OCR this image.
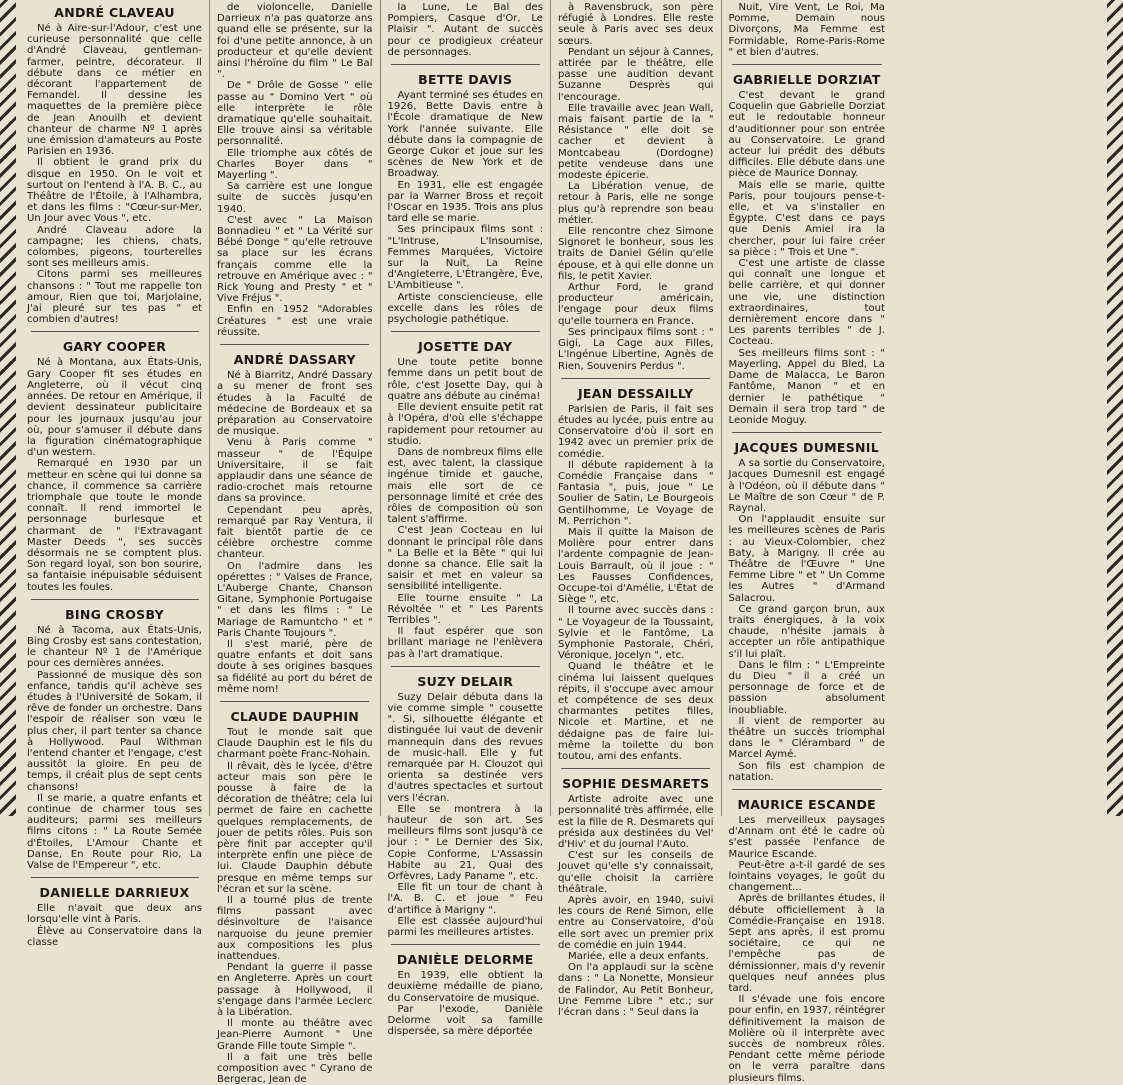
ANDRÉ CLAVEAU

Né à Aire-sur-l'Adour, c'est une curieuse personnalité que celle d'André Claveau, gentleman-farmer, peintre, décorateur. Il débute dans ce métier en décorant l'appartement de Fernandel. Il dessine les maquettes de la première pièce de Jean Anouilh et devient chanteur de charme Nº 1 après une émission d'amateurs au Poste Parisien en 1936.

Il obtient le grand prix du disque en 1950. On le voit et surtout on l'entend à l'A. B. C., au Théâtre de l'Étoile, à l'Alhambra, et dans les films : "Cœur-sur-Mer, Un Jour avec Vous ", etc.

André Claveau adore la campagne; les chiens, chats, colombes, pigeons, tourterelles sont ses meilleurs amis.

Citons parmi ses meilleures chansons : " Tout me rappelle ton amour, Rien que toi, Marjolaine, J'ai pleuré sur tes pas " et combien d'autres!

GARY COOPER

Né à Montana, aux États-Unis, Gary Cooper fit ses études en Angleterre, où il vécut cinq années. De retour en Amérique, il devient dessinateur publicitaire pour les journaux jusqu'au jour où, pour s'amuser il débute dans la figuration cinématographique d'un western.

Remarqué en 1930 par un metteur en scène qui lui donne sa chance, il commence sa carrière triomphale que toute le monde connaît. Il rend immortel le personnage burlesque et charmant de " l'Extravagant Master Deeds ", ses succès désormais ne se comptent plus. Son regard loyal, son bon sourire, sa fantaisie inépuisable séduisent toutes les foules.

BING CROSBY

Né à Tacoma, aux États-Unis, Bing Crosby est sans contestation, le chanteur Nº 1 de l'Amérique pour ces dernières années.

Passionné de musique dès son enfance, tandis qu'il achève ses études à l'Université de Sokam, il rêve de fonder un orchestre. Dans l'espoir de réaliser son vœu le plus cher, il part tenter sa chance à Hollywood. Paul Withman l'entend chanter et l'engage, c'est aussitôt la gloire. En peu de temps, il créait plus de sept cents chansons!

Il se marie, a quatre enfants et continue de charmer tous ses auditeurs; parmi ses meilleurs films citons : " La Route Semée d'Étoiles, L'Amour Chante et Danse, En Route pour Rio, La Valse de l'Empereur ", etc.

DANIELLE DARRIEUX

Elle n'avait que deux ans lorsqu'elle vint à Paris.

Élève au Conservatoire dans la classe

de violoncelle, Danielle Darrieux n'a pas quatorze ans quand elle se présente, sur la foi d'une petite annonce, à un producteur et qu'elle devient ainsi l'héroïne du film " Le Bal ".

De " Drôle de Gosse " elle passe au " Domino Vert " où elle interprète le rôle dramatique qu'elle souhaitait. Elle trouve ainsi sa véritable personnalité.

Elle triomphe aux côtés de Charles Boyer dans " Mayerling ".

Sa carrière est une longue suite de succès jusqu'en 1940.

C'est avec " La Maison Bonnadieu " et " La Vérité sur Bébé Donge " qu'elle retrouve sa place sur les écrans français comme elle la retrouve en Amérique avec : " Rick Young and Presty " et " Vive Fréjus ".

Enfin en 1952 "Adorables Créatures " est une vraie réussite.

ANDRÉ DASSARY

Né à Biarritz, André Dassary a su mener de front ses études à la Faculté de médecine de Bordeaux et sa préparation au Conservatoire de musique.

Venu à Paris comme " masseur " de l'Équipe Universitaire, il se fait applaudir dans une séance de radio-crochet mais retourne dans sa province.

Cependant peu après, remarqué par Ray Ventura, il fait bientôt partie de ce célèbre orchestre comme chanteur.

On l'admire dans les opérettes : " Valses de France, L'Auberge Chante, Chanson Gitane, Symphonie Portugaise " et dans les films : " Le Mariage de Ramuntcho " et " Paris Chante Toujours ".

Il s'est marié, père de quatre enfants et doit sans doute à ses origines basques sa fidélité au port du béret de même nom!

CLAUDE DAUPHIN

Tout le monde sait que Claude Dauphin est le fils du charmant poète Franc-Nohain.

Il rêvait, dès le lycée, d'être acteur mais son père le pousse à faire de la décoration de théâtre; cela lui permet de faire en cachette quelques remplacements, de jouer de petits rôles. Puis son père finit par accepter qu'il interprète enfin une pièce de lui. Claude Dauphin débute presque en même temps sur l'écran et sur la scène.

Il a tourné plus de trente films passant avec désinvolture de l'aisance narquoise du jeune premier aux compositions les plus inattendues.

Pendant la guerre il passe en Angleterre. Après un court passage à Hollywood, il s'engage dans l'armée Leclerc à la Libération.

Il monte au théâtre avec Jean-Pierre Aumont " Une Grande Fille toute Simple ".

Il a fait une très belle composition avec " Cyrano de Bergerac, Jean de

la Lune, Le Bal des Pompiers, Casque d'Or, Le Plaisir ". Autant de succès pour ce prodigieux créateur de personnages.

BETTE DAVIS

Ayant terminé ses études en 1926, Bette Davis entre à l'École dramatique de New York l'année suivante. Elle débute dans la compagnie de George Cukor et joue sur les scènes de New York et de Broadway.

En 1931, elle est engagée par la Warner Bross et reçoit l'Oscar en 1935. Trois ans plus tard elle se marie.

Ses principaux films sont : "L'Intruse, L'Insoumise, Femmes Marquées, Victoire sur la Nuit, La Reine d'Angleterre, L'Étrangère, Ève, L'Ambitieuse ".

Artiste consciencieuse, elle excelle dans les rôles de psychologie pathétique.

JOSETTE DAY

Une toute petite bonne femme dans un petit bout de rôle, c'est Josette Day, qui à quatre ans débute au cinéma!

Elle devient ensuite petit rat à l'Opéra, d'où elle s'échappe rapidement pour retourner au studio.

Dans de nombreux films elle est, avec talent, la classique ingénue timide et gauche, mais elle sort de ce personnage limité et crée des rôles de composition où son talent s'affirme.

C'est Jean Cocteau en lui donnant le principal rôle dans " La Belle et la Bête " qui lui donne sa chance. Elle sait la saisir et met en valeur sa sensibilité intelligente.

Elle tourne ensuite " La Révoltée " et " Les Parents Terribles ".

Il faut espérer que son brillant mariage ne l'enlèvera pas à l'art dramatique.

SUZY DELAIR

Suzy Delair débuta dans la vie comme simple " cousette ". Si, silhouette élégante et distinguée lui vaut de devenir mannequin dans des revues de music-hall. Elle y fut remarquée par H. Clouzot qui orienta sa destinée vers d'autres spectacles et surtout vers l'écran.

Elle se montrera à la hauteur de son art. Ses meilleurs films sont jusqu'à ce jour : " Le Dernier des Six, Copie Conforme, L'Assassin Habite au 21, Quai des Orfèvres, Lady Paname ", etc.

Elle fit un tour de chant à l'A. B. C. et joue " Feu d'artifice à Marigny ".

Elle est classée aujourd'hui parmi les meilleures artistes.

DANIÈLE DELORME

En 1939, elle obtient la deuxième médaille de piano, du Conservatoire de musique.

Par l'exode, Danièle Delorme voit sa famille dispersée, sa mère déportée

à Ravensbruck, son père réfugié à Londres. Elle reste seule à Paris avec ses deux sœurs.

Pendant un séjour à Cannes, attirée par le théâtre, elle passe une audition devant Suzanne Desprès qui l'encourage.

Elle travaille avec Jean Wall, mais faisant partie de la " Résistance " elle doit se cacher et devient à Montcabeau (Dordogne) petite vendeuse dans une modeste épicerie.

La Libération venue, de retour à Paris, elle ne songe plus qu'à reprendre son beau métier.

Elle rencontre chez Simone Signoret le bonheur, sous les traits de Daniel Gélin qu'elle épouse, et à qui elle donne un fils, le petit Xavier.

Arthur Ford, le grand producteur américain, l'engage pour deux films qu'elle tournera en France.

Ses principaux films sont : " Gigi, La Cage aux Filles, L'Ingénue Libertine, Agnès de Rien, Souvenirs Perdus ".

JEAN DESSAILLY

Parisien de Paris, il fait ses études au lycée, puis entre au Conservatoire d'où il sort en 1942 avec un premier prix de comédie.

Il débute rapidement à la Comédie Française dans " Fantasia ", puis, joue " Le Soulier de Satin, Le Bourgeois Gentilhomme, Le Voyage de M. Perrichon ".

Mais il quitte la Maison de Molière pour entrer dans l'ardente compagnie de Jean-Louis Barrault, où il joue : " Les Fausses Confidences, Occupe-toi d'Amélie, L'État de Siège ", etc.

Il tourne avec succès dans : " Le Voyageur de la Toussaint, Sylvie et le Fantôme, La Symphonie Pastorale, Chéri, Véronique, Jocelyn ", etc.

Quand le théâtre et le cinéma lui laissent quelques répits, il s'occupe avec amour et compétence de ses deux charmantes petites filles, Nicole et Martine, et ne dédaigne pas de faire lui-même la toilette du bon toutou, ami des enfants.

SOPHIE DESMARETS

Artiste adroite avec une personnalité très affirmée, elle est la fille de R. Desmarets qui présida aux destinées du Vel' d'Hiv' et du journal l'Auto.

C'est sur les conseils de Jouvet qu'elle s'y connaissait, qu'elle choisit la carrière théâtrale.

Après avoir, en 1940, suivi les cours de René Simon, elle entre au Conservatoire, d'où elle sort avec un premier prix de comédie en juin 1944.

Mariée, elle a deux enfants.

On l'a applaudi sur la scène dans : " La Nonette, Monsieur de Falindor, Au Petit Bonheur, Une Femme Libre " etc.; sur l'écran dans : " Seul dans la

Nuit, Vire Vent, Le Roi, Ma Pomme, Demain nous Divorçons, Ma Femme est Formidable, Rome-Paris-Rome " et bien d'autres.

GABRIELLE DORZIAT

C'est devant le grand Coquelin que Gabrielle Dorziat eut le redoutable honneur d'auditionner pour son entrée au Conservatoire. Le grand acteur lui prédit des débuts difficiles. Elle débute dans une pièce de Maurice Donnay.

Mais elle se marie, quitte Paris, pour toujours pense-t-elle, et va s'installer en Égypte. C'est dans ce pays que Denis Amiel ira la chercher, pour lui faire créer sa pièce : " Trois et Une ".

C'est une artiste de classe qui connaît une longue et belle carrière, et qui donner une vie, une distinction extraordinaires, tout dernièrement encore dans " Les parents terribles " de J. Cocteau.

Ses meilleurs films sont : " Mayerling, Appel du Bled, La Dame de Malacca, Le Baron Fantôme, Manon " et en dernier le pathétique " Demain il sera trop tard " de Leonide Moguy.

JACQUES DUMESNIL

A sa sortie du Conservatoire, Jacques Dumesnil est engagé à l'Odéon, où il débute dans " Le Maître de son Cœur " de P. Raynal.

On l'applaudit ensuite sur les meilleures scènes de Paris : au Vieux-Colombier, chez Baty, à Marigny. Il crée au Théâtre de l'Œuvre " Une Femme Libre " et " Un Comme les Autres " d'Armand Salacrou.

Ce grand garçon brun, aux traits énergiques, à la voix chaude, n'hésite jamais à accepter un rôle antipathique s'il lui plaît.

Dans le film : " L'Empreinte du Dieu " il a créé un personnage de force et de passion absolument inoubliable.

Il vient de remporter au théâtre un succès triomphal dans le " Clérambard " de Marcel Aymé.

Son fils est champion de natation.

MAURICE ESCANDE

Les merveilleux paysages d'Annam ont été le cadre où s'est passée l'enfance de Maurice Escande.

Peut-être a-t-il gardé de ses lointains voyages, le goût du changement...

Après de brillantes études, il débute officiellement à la Comédie-Française en 1918. Sept ans après, il est promu sociétaire, ce qui ne l'empêche pas de démissionner, mais d'y revenir quelques neuf années plus tard.

Il s'évade une fois encore pour enfin, en 1937, réintégrer définitivement la maison de Molière où il interprète avec succès de nombreux rôles. Pendant cette même période on le verra paraître dans plusieurs films.
